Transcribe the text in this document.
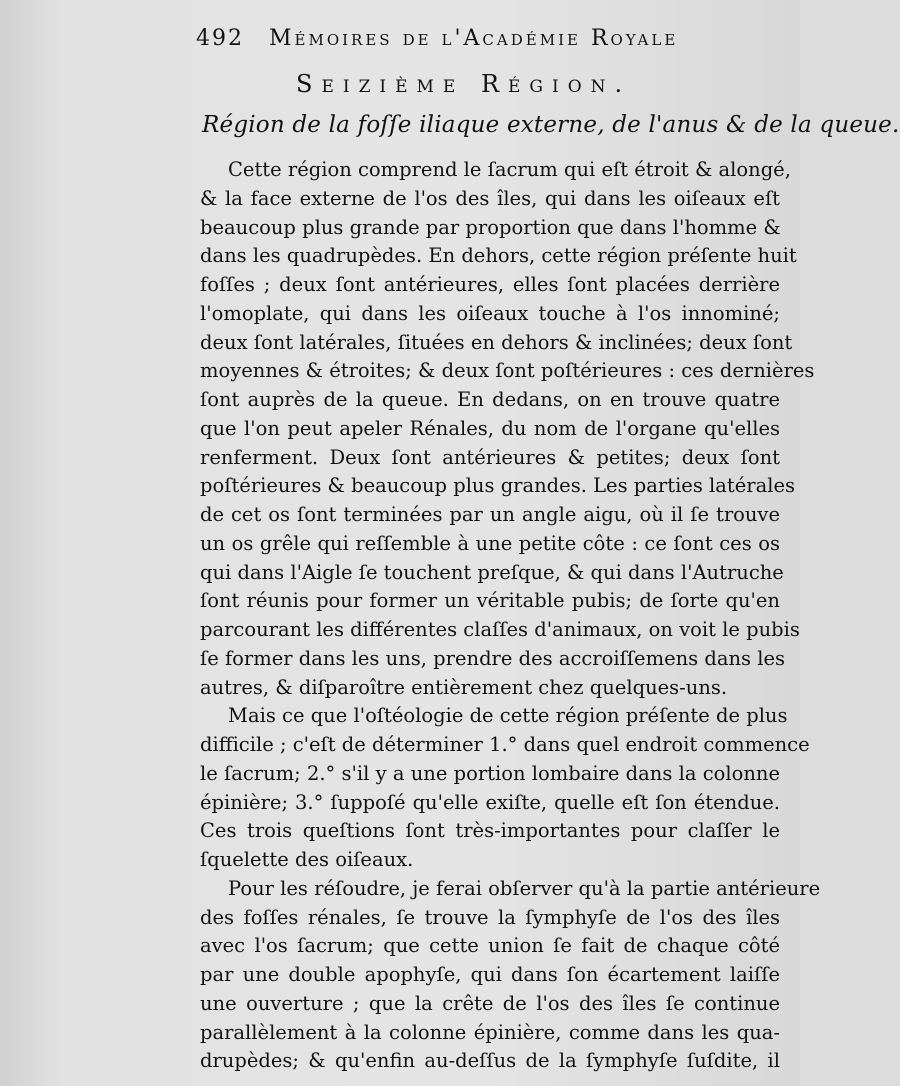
492 Mémoires de l'Académie Royale
Seizième Région.
Région de la foſſe iliaque externe, de l'anus & de la queue.
Cette région comprend le ſacrum qui eſt étroit & alongé,
& la face externe de l'os des îles, qui dans les oiſeaux eſt
beaucoup plus grande par proportion que dans l'homme &
dans les quadrupèdes. En dehors, cette région préſente huit
foſſes ; deux ſont antérieures, elles ſont placées derrière
l'omoplate, qui dans les oiſeaux touche à l'os innominé;
deux ſont latérales, ſituées en dehors & inclinées; deux ſont
moyennes & étroites; & deux ſont poſtérieures : ces dernières
ſont auprès de la queue. En dedans, on en trouve quatre
que l'on peut apeler Rénales, du nom de l'organe qu'elles
renferment. Deux ſont antérieures & petites; deux ſont
poſtérieures & beaucoup plus grandes. Les parties latérales
de cet os ſont terminées par un angle aigu, où il ſe trouve
un os grêle qui reſſemble à une petite côte : ce ſont ces os
qui dans l'Aigle ſe touchent preſque, & qui dans l'Autruche
ſont réunis pour former un véritable pubis; de ſorte qu'en
parcourant les différentes claſſes d'animaux, on voit le pubis
ſe former dans les uns, prendre des accroiſſemens dans les
autres, & diſparoître entièrement chez quelques-uns.
Mais ce que l'oſtéologie de cette région préſente de plus
difficile ; c'eſt de déterminer 1.° dans quel endroit commence
le ſacrum; 2.° s'il y a une portion lombaire dans la colonne
épinière; 3.° ſuppoſé qu'elle exiſte, quelle eſt ſon étendue.
Ces trois queſtions ſont très-importantes pour claſſer le
ſquelette des oiſeaux.
Pour les réſoudre, je ferai obſerver qu'à la partie antérieure
des foſſes rénales, ſe trouve la ſymphyſe de l'os des îles
avec l'os ſacrum; que cette union ſe fait de chaque côté
par une double apophyſe, qui dans ſon écartement laiſſe
une ouverture ; que la crête de l'os des îles ſe continue
parallèlement à la colonne épinière, comme dans les qua-
drupèdes; & qu'enfin au-deſſus de la ſymphyſe ſuſdite, il
